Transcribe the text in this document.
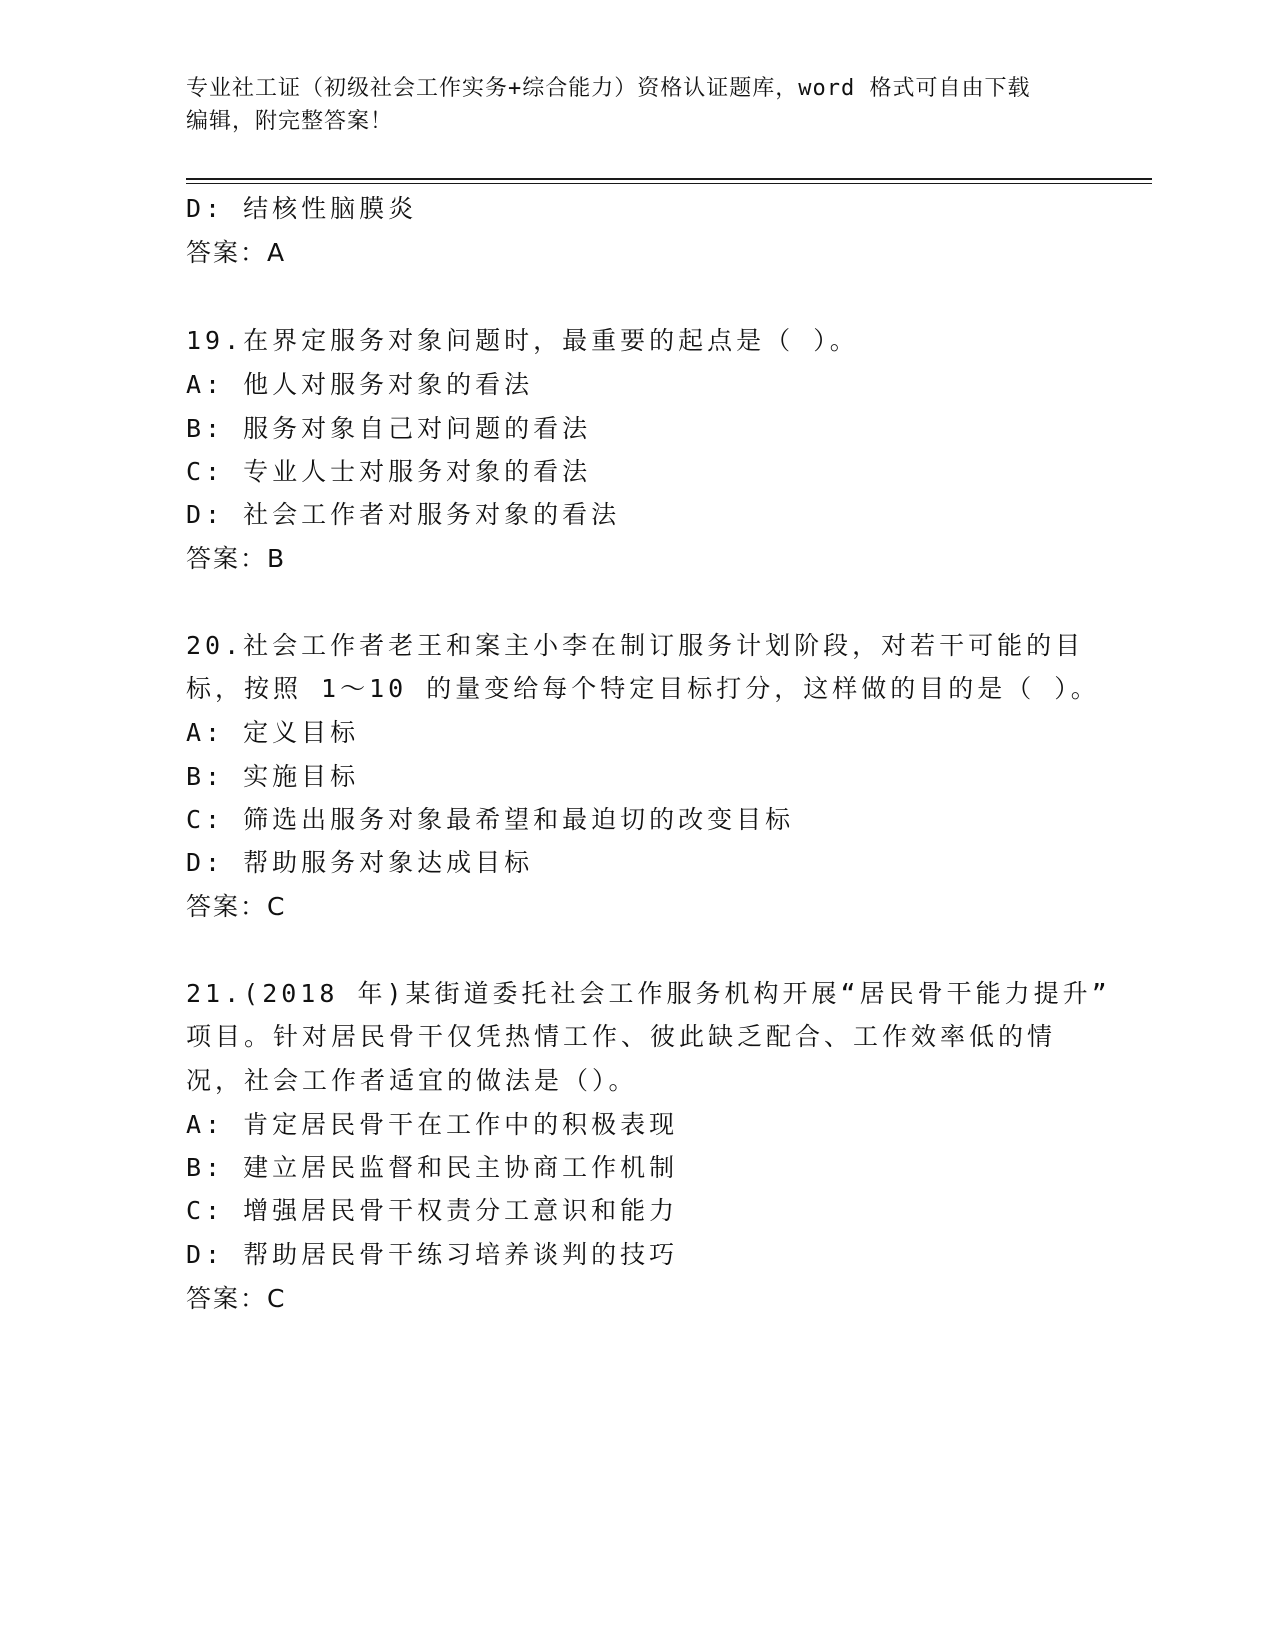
专业社工证（初级社会工作实务+综合能力）资格认证题库，word 格式可自由下载
编辑，附完整答案！
D: 结核性脑膜炎
答案：A
19.在界定服务对象问题时，最重要的起点是（ ）。
A: 他人对服务对象的看法
B: 服务对象自己对问题的看法
C: 专业人士对服务对象的看法
D: 社会工作者对服务对象的看法
答案：B
20.社会工作者老王和案主小李在制订服务计划阶段，对若干可能的目
标，按照 1～10 的量变给每个特定目标打分，这样做的目的是（ ）。
A: 定义目标
B: 实施目标
C: 筛选出服务对象最希望和最迫切的改变目标
D: 帮助服务对象达成目标
答案：C
21.(2018 年)某街道委托社会工作服务机构开展“居民骨干能力提升”
项目。针对居民骨干仅凭热情工作、彼此缺乏配合、工作效率低的情
况，社会工作者适宜的做法是（）。
A: 肯定居民骨干在工作中的积极表现
B: 建立居民监督和民主协商工作机制
C: 增强居民骨干权责分工意识和能力
D: 帮助居民骨干练习培养谈判的技巧
答案：C
